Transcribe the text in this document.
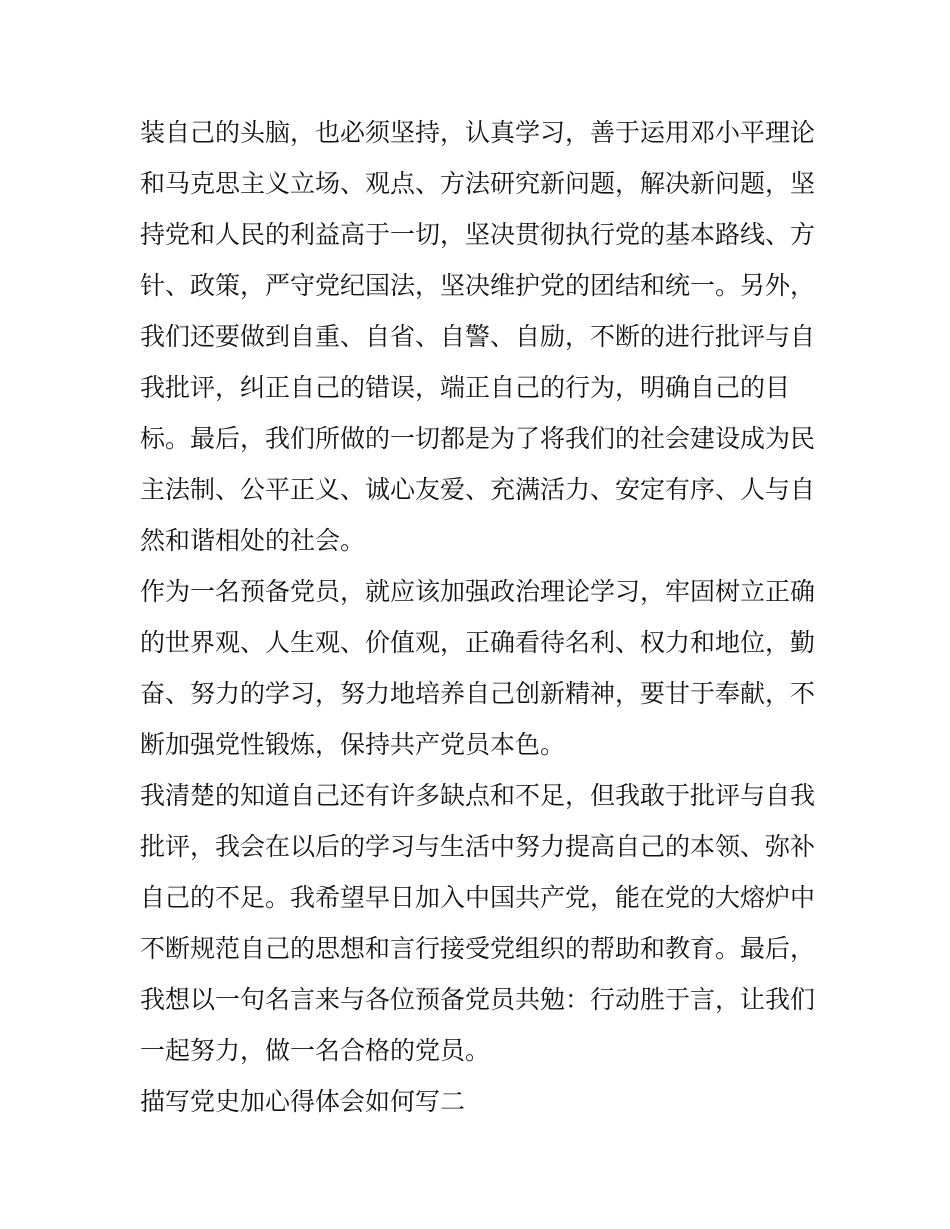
装自己的头脑，也必须坚持，认真学习，善于运用邓小平理论
和马克思主义立场、观点、方法研究新问题，解决新问题，坚
持党和人民的利益高于一切，坚决贯彻执行党的基本路线、方
针、政策，严守党纪国法，坚决维护党的团结和统一。另外，
我们还要做到自重、自省、自警、自励，不断的进行批评与自
我批评，纠正自己的错误，端正自己的行为，明确自己的目
标。最后，我们所做的一切都是为了将我们的社会建设成为民
主法制、公平正义、诚心友爱、充满活力、安定有序、人与自
然和谐相处的社会。
作为一名预备党员，就应该加强政治理论学习，牢固树立正确
的世界观、人生观、价值观，正确看待名利、权力和地位，勤
奋、努力的学习，努力地培养自己创新精神，要甘于奉献，不
断加强党性锻炼，保持共产党员本色。
我清楚的知道自己还有许多缺点和不足，但我敢于批评与自我
批评，我会在以后的学习与生活中努力提高自己的本领、弥补
自己的不足。我希望早日加入中国共产党，能在党的大熔炉中
不断规范自己的思想和言行接受党组织的帮助和教育。最后，
我想以一句名言来与各位预备党员共勉：行动胜于言，让我们
一起努力，做一名合格的党员。
描写党史加心得体会如何写二
